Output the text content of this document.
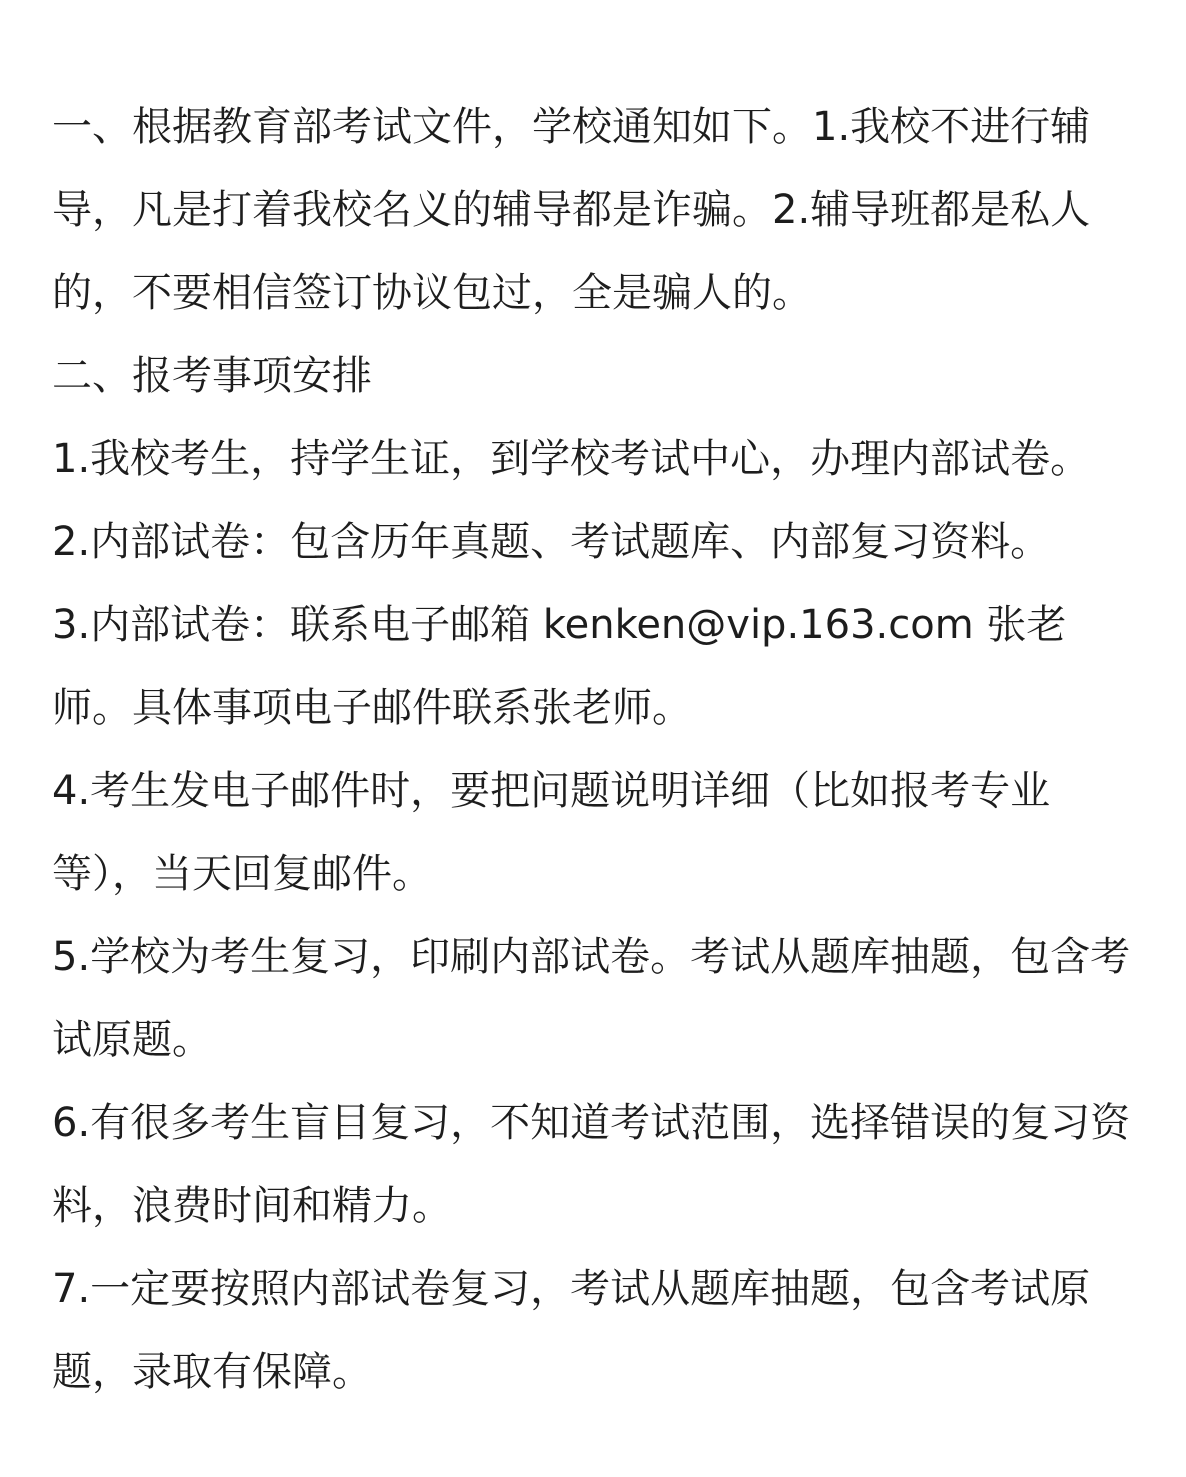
一、根据教育部考试文件，学校通知如下。1.我校不进行辅导，凡是打着我校名义的辅导都是诈骗。2.辅导班都是私人的，不要相信签订协议包过，全是骗人的。

二、报考事项安排

1.我校考生，持学生证，到学校考试中心，办理内部试卷。

2.内部试卷：包含历年真题、考试题库、内部复习资料。

3.内部试卷：联系电子邮箱 kenken@vip.163.com 张老师。具体事项电子邮件联系张老师。

4.考生发电子邮件时，要把问题说明详细（比如报考专业等），当天回复邮件。

5.学校为考生复习，印刷内部试卷。考试从题库抽题，包含考试原题。

6.有很多考生盲目复习，不知道考试范围，选择错误的复习资料，浪费时间和精力。

7.一定要按照内部试卷复习，考试从题库抽题，包含考试原题，录取有保障。
